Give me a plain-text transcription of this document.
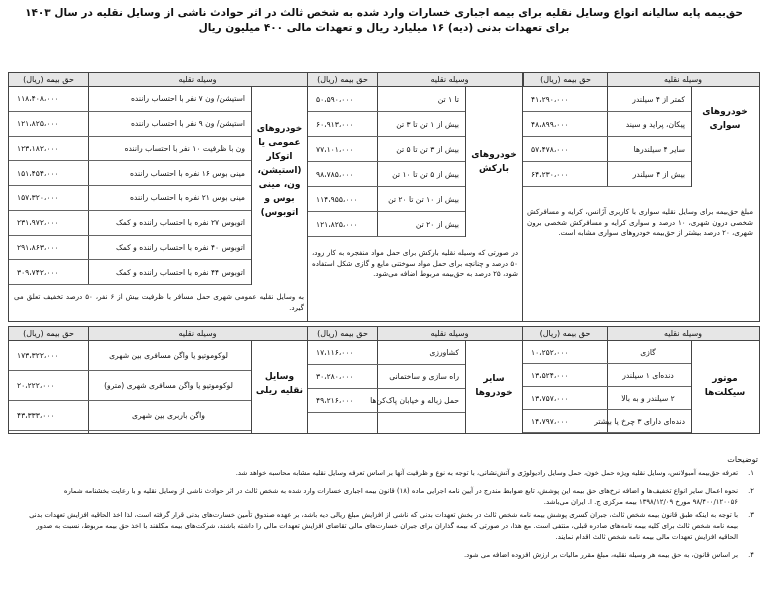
حق‌بیمه پایه سالیانه انواع وسایل نقلیه برای بیمه اجباری خسارات وارد شده به شخص ثالث در اثر حوادث ناشی از وسایل نقلیه در سال ۱۴۰۳
برای تعهدات بدنی (دیه) ۱۶ میلیارد ریال و تعهدات مالی ۴۰۰ میلیون ریال
وسیله نقلیه
حق بیمه (ریال)
خودروهای سواری
کمتر از ۴ سیلندر
۴۱،۲۹۰،۰۰۰
پیکان، پراید و سیند
۴۸،۸۹۹،۰۰۰
سایر ۴ سیلندرها
۵۷،۴۷۸،۰۰۰
بیش از ۴ سیلندر
۶۴،۲۳۰،۰۰۰
مبلغ حق‌بیمه برای وسایل نقلیه سواری با کاربری آژانس، کرایه و مسافرکش شخصی درون شهری، ۱۰ درصد و سواری کرایه و مسافرکش شخصی برون شهری، ۲۰ درصد بیشتر از حق‌بیمه خودروهای سواری مشابه است.
وسیله نقلیه
حق بیمه (ریال)
خودروهای بارکش
تا ۱ تن
۵۰،۵۹۰،۰۰۰
بیش از ۱ تن تا ۳ تن
۶۰،۹۱۳،۰۰۰
بیش از ۳ تن تا ۵ تن
۷۷،۱۰۱،۰۰۰
بیش از ۵ تن تا ۱۰ تن
۹۸،۷۸۵،۰۰۰
بیش از ۱۰ تن تا ۲۰ تن
۱۱۴،۹۵۵،۰۰۰
بیش از ۲۰ تن
۱۲۱،۸۲۵،۰۰۰
در صورتی که وسیله نقلیه بارکش برای حمل مواد منفجره به کار رود، ۵۰ درصد و چنانچه برای حمل مواد سوختنی مایع و گازی شکل استفاده شود، ۲۵ درصد به حق‌بیمه مربوط اضافه می‌شود.
وسیله نقلیه
حق بیمه (ریال)
خودروهای عمومی یا اتوکار (استیشن، ون، مینی بوس و اتوبوس)
استیشن/ ون ۷ نفر با احتساب راننده
۱۱۸،۴۰۸،۰۰۰
استیشن/ ون ۹ نفر با احتساب راننده
۱۲۱،۸۲۵،۰۰۰
ون با ظرفیت ۱۰ نفر با احتساب راننده
۱۲۳،۱۸۲،۰۰۰
مینی بوس ۱۶ نفره با احتساب راننده
۱۵۱،۴۵۴،۰۰۰
مینی بوس ۲۱ نفره با احتساب راننده
۱۵۷،۳۲۰،۰۰۰
اتوبوس ۲۷ نفره با احتساب راننده و کمک
۲۳۱،۹۷۲،۰۰۰
اتوبوس ۴۰ نفره با احتساب راننده و کمک
۲۹۱،۸۶۳،۰۰۰
اتوبوس ۴۴ نفره با احتساب راننده و کمک
۳۰۹،۷۴۲،۰۰۰
به وسایل نقلیه عمومی شهری حمل مسافر با ظرفیت بیش از ۶ نفر، ۵۰ درصد تخفیف تعلق می‌ گیرد.
وسیله نقلیه
حق بیمه (ریال)
موتور سیکلت‌ها
گازی
۱۰،۲۵۲،۰۰۰
دنده‌ای ۱ سیلندر
۱۳،۵۲۴،۰۰۰
۲ سیلندر و به بالا
۱۳،۷۵۷،۰۰۰
دنده‌ای دارای ۳ چرخ یا بیشتر
۱۴،۷۹۷،۰۰۰
وسیله نقلیه
حق بیمه (ریال)
سایر خودروها
کشاورزی
۱۷،۱۱۶،۰۰۰
راه سازی و ساختمانی
۳۰،۲۸۰،۰۰۰
حمل زباله و خیابان پاک‌کن‌ها
۴۹،۲۱۶،۰۰۰
وسیله نقلیه
حق بیمه (ریال)
وسایل نقلیه ریلی
لوکوموتیو یا واگن مسافری بین شهری
۱۷۳،۳۲۲،۰۰۰
لوکوموتیو یا واگن مسافری شهری (مترو)
۲۰،۲۲۲،۰۰۰
واگن باربری بین شهری
۴۳،۳۳۳،۰۰۰
توضیحات
۱.
تعرفه حق‌بیمه آمبولانس، وسایل نقلیه ویژه حمل خون، حمل وسایل رادیولوژی و آتش‌نشانی، با توجه به نوع و ظرفیت آنها بر اساس تعرفه وسایل نقلیه مشابه محاسبه خواهد شد.
۲.
نحوه اعمال سایر انواع تخفیف‌ها و اضافه نرخ‌های حق بیمه این پوشش، تابع ضوابط مندرج در آیین نامه اجرایی ماده (۱۸) قانون بیمه اجباری خسارات وارد شده به شخص ثالث در اثر حوادث ناشی از وسایل نقلیه و با رعایت بخشنامه شماره ۹۸/۴۰۰/۱۲۰۰۵۶ مورخ ۱۳۹۸/۱۲/۰۹ بیمه مرکزی ج. ا. ایران می‌باشد.
۳.
با توجه به اینکه طبق قانون بیمه شخص ثالث، جبران کسری پوشش بیمه نامه شخص ثالث در بخش تعهدات بدنی که ناشی از افزایش مبلغ ریالی دیه باشد، بر عهده صندوق تأمین خسارت‌های بدنی قرار گرفته است، لذا اخذ الحاقیه افزایش تعهدات بدنی بیمه نامه شخص ثالث برای کلیه بیمه نامه‌های صادره قبلی، منتفی است. مع هذا، در صورتی که بیمه گذاران برای جبران خسارت‌های مالی تقاضای افزایش تعهدات مالی را داشته باشند، شرکت‌های بیمه مکلفند با اخذ حق بیمه مربوط، نسبت به صدور الحاقیه افزایش تعهدات مالی بیمه نامه شخص ثالث اقدام نمایند.
۴.
بر اساس قانون، به حق بیمه هر وسیله نقلیه، مبلغ مقرر مالیات بر ارزش افزوده اضافه می‌ شود.
